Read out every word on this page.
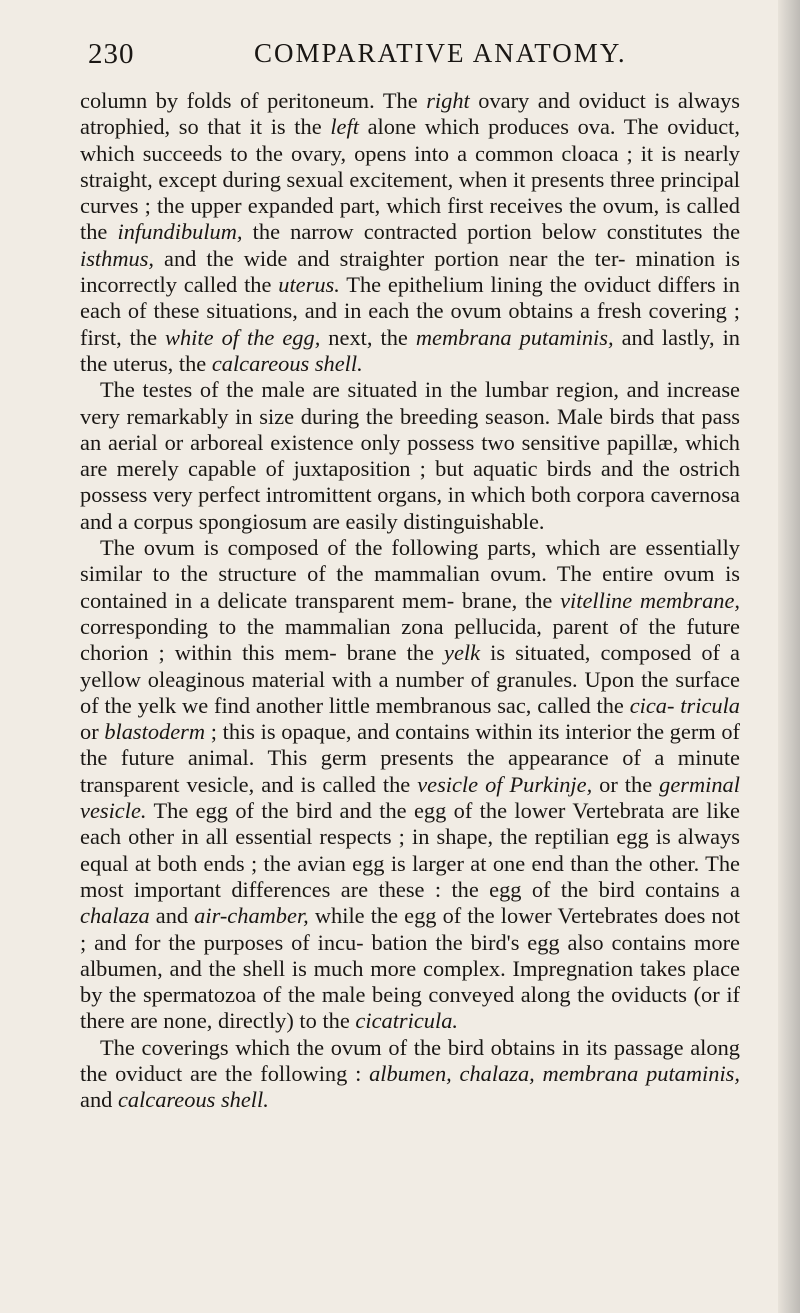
230	COMPARATIVE ANATOMY.

column by folds of peritoneum. The right ovary and oviduct is always atrophied, so that it is the left alone which produces ova. The oviduct, which succeeds to the ovary, opens into a common cloaca ; it is nearly straight, except during sexual excitement, when it presents three principal curves ; the upper expanded part, which first receives the ovum, is called the infundibulum, the narrow contracted portion below constitutes the isthmus, and the wide and straighter portion near the ter- mination is incorrectly called the uterus. The epithelium lining the oviduct differs in each of these situations, and in each the ovum obtains a fresh covering ; first, the white of the egg, next, the membrana putaminis, and lastly, in the uterus, the calcareous shell.

The testes of the male are situated in the lumbar region, and increase very remarkably in size during the breeding season. Male birds that pass an aerial or arboreal existence only possess two sensitive papillæ, which are merely capable of juxtaposition ; but aquatic birds and the ostrich possess very perfect intromittent organs, in which both corpora cavernosa and a corpus spongiosum are easily distinguishable.

The ovum is composed of the following parts, which are essentially similar to the structure of the mammalian ovum. The entire ovum is contained in a delicate transparent mem- brane, the vitelline membrane, corresponding to the mammalian zona pellucida, parent of the future chorion ; within this mem- brane the yelk is situated, composed of a yellow oleaginous material with a number of granules. Upon the surface of the yelk we find another little membranous sac, called the cica- tricula or blastoderm ; this is opaque, and contains within its interior the germ of the future animal. This germ presents the appearance of a minute transparent vesicle, and is called the vesicle of Purkinje, or the germinal vesicle. The egg of the bird and the egg of the lower Vertebrata are like each other in all essential respects ; in shape, the reptilian egg is always equal at both ends ; the avian egg is larger at one end than the other. The most important differences are these : the egg of the bird contains a chalaza and air-chamber, while the egg of the lower Vertebrates does not ; and for the purposes of incu- bation the bird's egg also contains more albumen, and the shell is much more complex. Impregnation takes place by the spermatozoa of the male being conveyed along the oviducts (or if there are none, directly) to the cicatricula.

The coverings which the ovum of the bird obtains in its passage along the oviduct are the following : albumen, chalaza, membrana putaminis, and calcareous shell.
